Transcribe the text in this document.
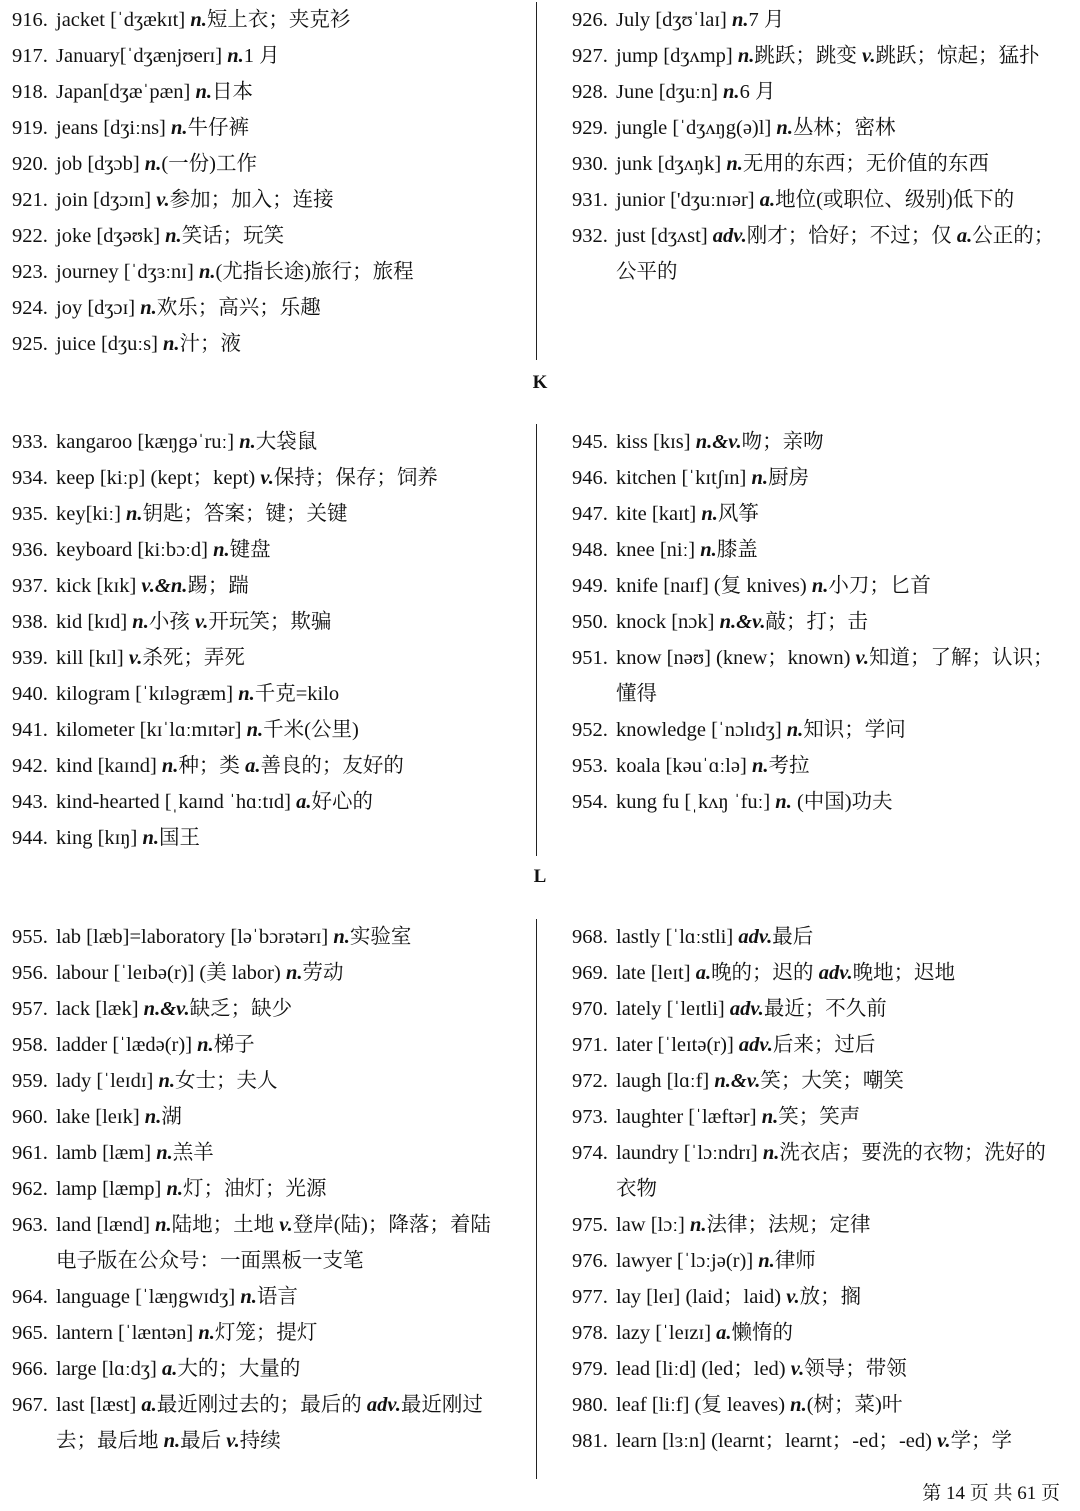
916. jacket [ˈdʒækɪt] n.短上衣；夹克衫
917. January[ˈdʒænjʊerɪ] n.1 月
918. Japan[dʒæˈpæn] n.日本
919. jeans [dʒiːns] n.牛仔裤
920. job [dʒɔb] n.(一份)工作
921. join [dʒɔɪn] v.参加；加入；连接
922. joke [dʒəʊk] n.笑话；玩笑
923. journey [ˈdʒɜːnɪ] n.(尤指长途)旅行；旅程
924. joy [dʒɔɪ] n.欢乐；高兴；乐趣
925. juice [dʒuːs] n.汁；液
926. July [dʒʊˈlaɪ] n.7 月
927. jump [dʒʌmp] n.跳跃；跳变 v.跳跃；惊起；猛扑
928. June [dʒuːn] n.6 月
929. jungle [ˈdʒʌŋg(ə)l] n.丛林；密林
930. junk [dʒʌŋk] n.无用的东西；无价值的东西
931. junior ['dʒuːnɪər] a.地位(或职位、级别)低下的
932. just [dʒʌst] adv.刚才；恰好；不过；仅 a.公正的；公平的
K
933. kangaroo [kæŋgəˈruː] n.大袋鼠
934. keep [kiːp] (kept；kept) v.保持；保存；饲养
935. key[kiː] n.钥匙；答案；键；关键
936. keyboard [kiːbɔːd] n.键盘
937. kick [kɪk] v.&n.踢；踹
938. kid [kɪd] n.小孩 v.开玩笑；欺骗
939. kill [kɪl] v.杀死；弄死
940. kilogram [ˈkɪləgræm] n.千克=kilo
941. kilometer [kɪˈlɑːmɪtər] n.千米(公里)
942. kind [kaɪnd] n.种；类 a.善良的；友好的
943. kind-hearted [ˌkaɪnd ˈhɑːtɪd] a.好心的
944. king [kɪŋ] n.国王
945. kiss [kɪs] n.&v.吻；亲吻
946. kitchen [ˈkɪtʃɪn] n.厨房
947. kite [kaɪt] n.风筝
948. knee [niː] n.膝盖
949. knife [naɪf] (复 knives) n.小刀；匕首
950. knock [nɔk] n.&v.敲；打；击
951. know [nəʊ] (knew；known) v.知道；了解；认识；懂得
952. knowledge [ˈnɔlɪdʒ] n.知识；学问
953. koala [kəuˈɑːlə] n.考拉
954. kung fu [ˌkʌŋ ˈfuː] n. (中国)功夫
L
955. lab [læb]=laboratory [ləˈbɔrətərɪ] n.实验室
956. labour [ˈleɪbə(r)] (美 labor) n.劳动
957. lack [læk] n.&v.缺乏；缺少
958. ladder [ˈlædə(r)] n.梯子
959. lady [ˈleɪdɪ] n.女士；夫人
960. lake [leɪk] n.湖
961. lamb [læm] n.羔羊
962. lamp [læmp] n.灯；油灯；光源
963. land [lænd] n.陆地；土地 v.登岸(陆)；降落；着陆 电子版在公众号：一面黑板一支笔
964. language [ˈlæŋgwɪdʒ] n.语言
965. lantern [ˈlæntən] n.灯笼；提灯
966. large [lɑːdʒ] a.大的；大量的
967. last [læst] a.最近刚过去的；最后的 adv.最近刚过去；最后地 n.最后 v.持续
968. lastly [ˈlɑːstli] adv.最后
969. late [leɪt] a.晚的；迟的 adv.晚地；迟地
970. lately [ˈleɪtli] adv.最近；不久前
971. later [ˈleɪtə(r)] adv.后来；过后
972. laugh [lɑːf] n.&v.笑；大笑；嘲笑
973. laughter [ˈlæftər] n.笑；笑声
974. laundry [ˈlɔːndrɪ] n.洗衣店；要洗的衣物；洗好的衣物
975. law [lɔː] n.法律；法规；定律
976. lawyer [ˈlɔːjə(r)] n.律师
977. lay [leɪ] (laid；laid) v.放；搁
978. lazy [ˈleɪzɪ] a.懒惰的
979. lead [liːd] (led；led) v.领导；带领
980. leaf [liːf] (复 leaves) n.(树；菜)叶
981. learn [lɜːn] (learnt；learnt；-ed；-ed) v.学；学
第 14 页 共 61 页
